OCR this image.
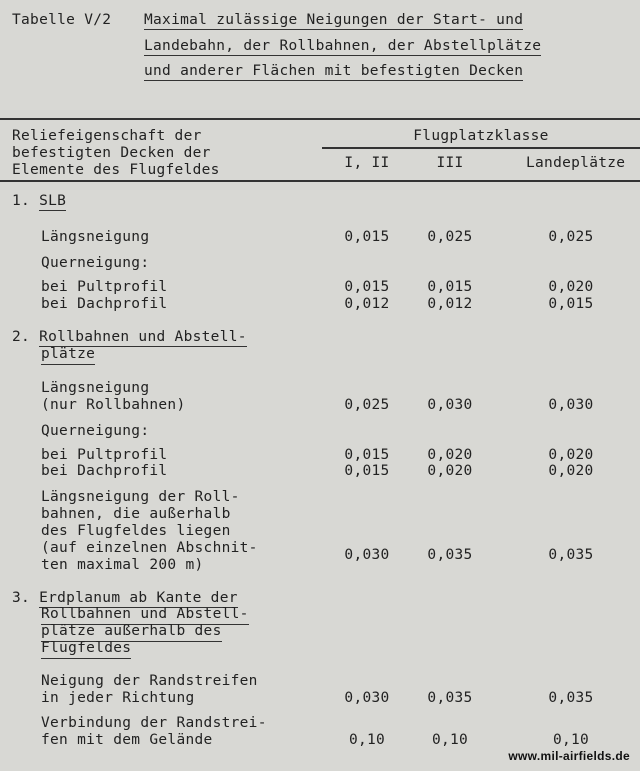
Tabelle V/2 Maximal zulässige Neigungen der Start- und
Landebahn, der Rollbahnen, der Abstellplätze
und anderer Flächen mit befestigten Decken
Reliefeigenschaft der
befestigten Decken der
Elemente des Flugfeldes
Flugplatzklasse
I, II	III	Landeplätze
1. SLB
Längsneigung	0,015	0,025	0,025
Querneigung:
bei Pultprofil	0,015	0,015	0,020
bei Dachprofil	0,012	0,012	0,015
2. Rollbahnen und Abstell-
plätze
Längsneigung
(nur Rollbahnen)	0,025	0,030	0,030
Querneigung:
bei Pultprofil	0,015	0,020	0,020
bei Dachprofil	0,015	0,020	0,020
Längsneigung der Roll-
bahnen, die außerhalb
des Flugfeldes liegen
(auf einzelnen Abschnit-
ten maximal 200 m)
0,030	0,035	0,035
3. Erdplanum ab Kante der
Rollbahnen und Abstell-
plätze außerhalb des
Flugfeldes
Neigung der Randstreifen
in jeder Richtung	0,030	0,035	0,035
Verbindung der Randstrei-
fen mit dem Gelände	0,10	0,10	0,10
www.mil-airfields.de
